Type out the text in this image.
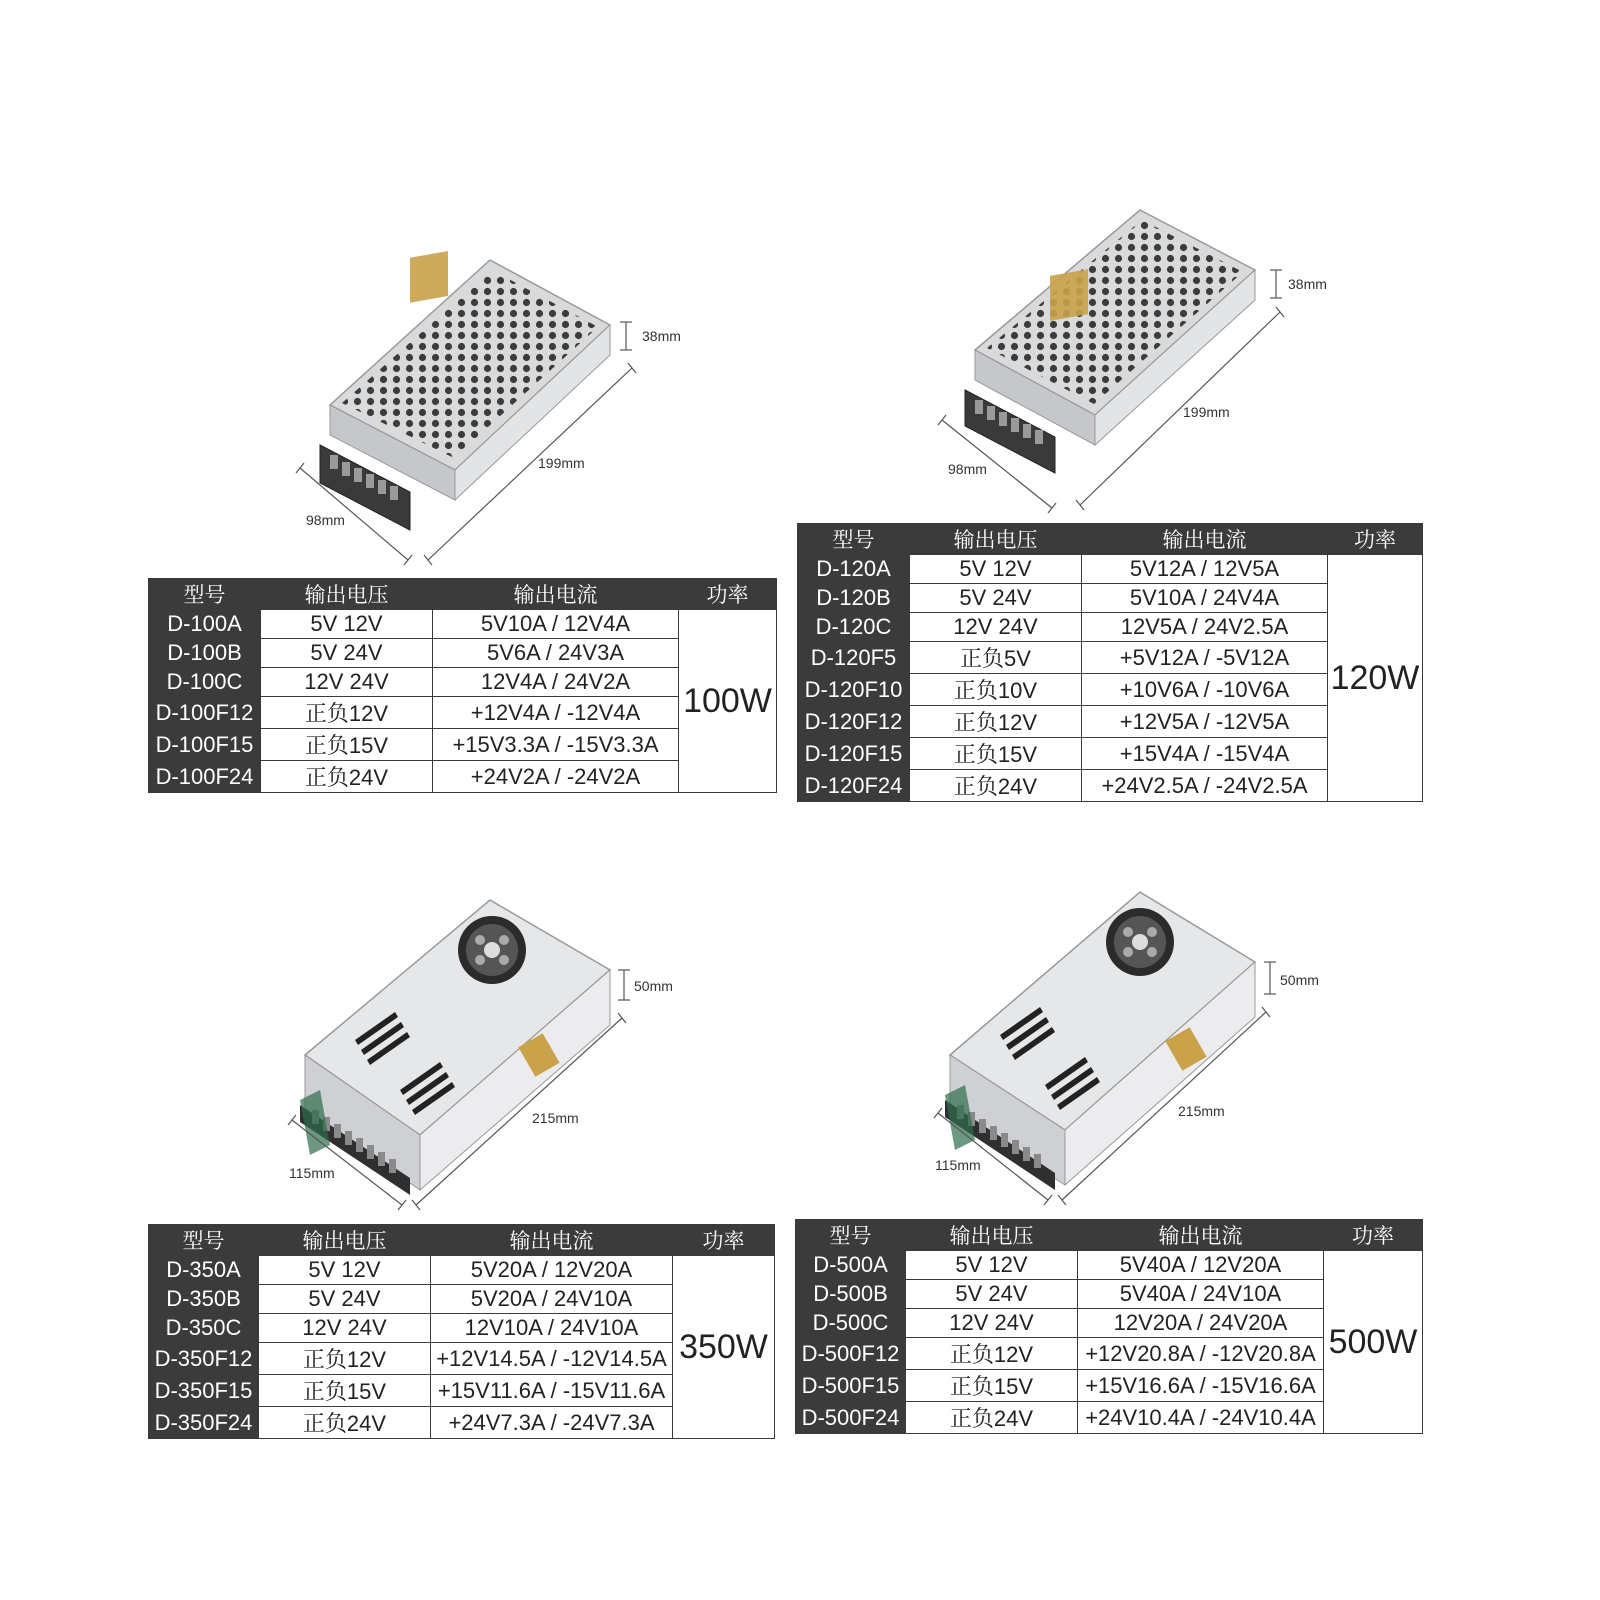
38mm
199mm
98mm
型号	输出电压	输出电流	功率
D-100A	5V 12V	5V10A / 12V4A	100W
D-100B	5V 24V	5V6A / 24V3A	
D-100C	12V 24V	12V4A / 24V2A	
D-100F12	正负12V	+12V4A / -12V4A	
D-100F15	正负15V	+15V3.3A / -15V3.3A	
D-100F24	正负24V	+24V2A / -24V2A	
38mm
199mm
98mm
型号	输出电压	输出电流	功率
D-120A	5V 12V	5V12A / 12V5A	120W
D-120B	5V 24V	5V10A / 24V4A	
D-120C	12V 24V	12V5A / 24V2.5A	
D-120F5	正负5V	+5V12A / -5V12A	
D-120F10	正负10V	+10V6A / -10V6A	
D-120F12	正负12V	+12V5A / -12V5A	
D-120F15	正负15V	+15V4A / -15V4A	
D-120F24	正负24V	+24V2.5A / -24V2.5A	
50mm
215mm
115mm
型号	输出电压	输出电流	功率
D-350A	5V 12V	5V20A / 12V20A	350W
D-350B	5V 24V	5V20A / 24V10A	
D-350C	12V 24V	12V10A / 24V10A	
D-350F12	正负12V	+12V14.5A / -12V14.5A	
D-350F15	正负15V	+15V11.6A / -15V11.6A	
D-350F24	正负24V	+24V7.3A / -24V7.3A	
50mm
215mm
115mm
型号	输出电压	输出电流	功率
D-500A	5V 12V	5V40A / 12V20A	500W
D-500B	5V 24V	5V40A / 24V10A	
D-500C	12V 24V	12V20A / 24V20A	
D-500F12	正负12V	+12V20.8A / -12V20.8A	
D-500F15	正负15V	+15V16.6A / -15V16.6A	
D-500F24	正负24V	+24V10.4A / -24V10.4A	
